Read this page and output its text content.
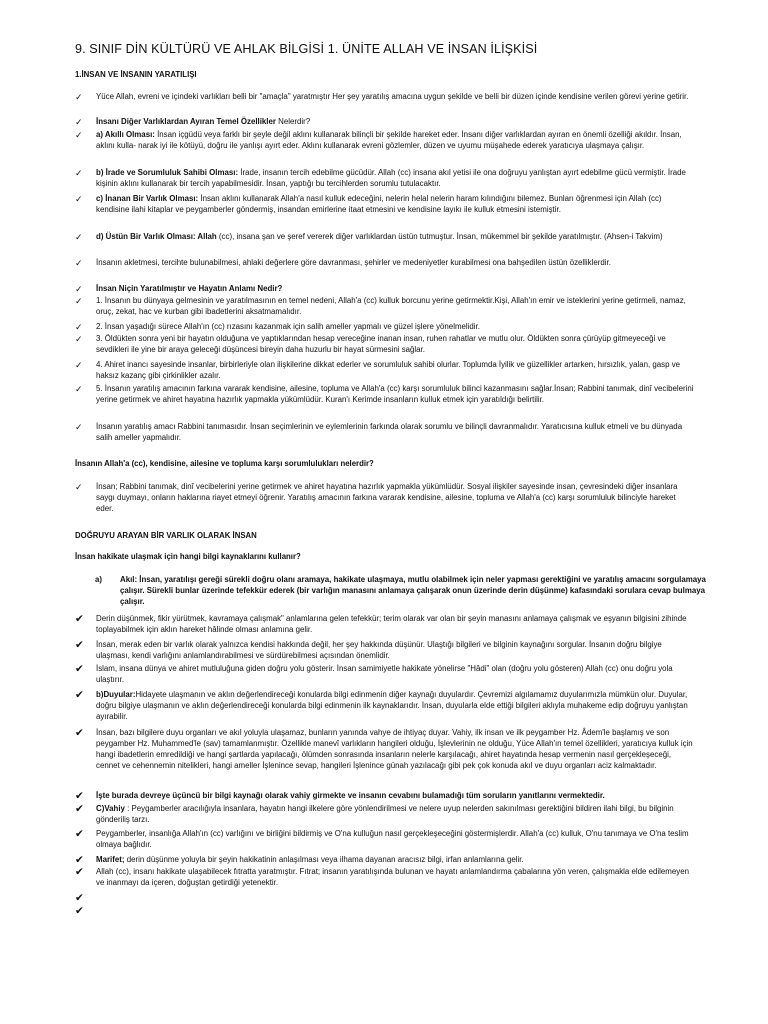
9. SINIF DİN KÜLTÜRÜ VE AHLAK BİLGİSİ 1. ÜNİTE ALLAH VE İNSAN İLİŞKİSİ
1.İNSAN VE İNSANIN YARATILIŞI
✓ Yüce Allah, evreni ve içindeki varlıkları belli bir "amaçla" yaratmıştır Her şey yaratılış amacına uygun şekilde ve belli bir düzen içinde kendisine verilen görevi yerine getirir.
✓ İnsanı Diğer Varlıklardan Ayıran Temel Özellikler Nelerdir?
✓ a) Akıllı Olması: İnsan içgüdü veya farklı bir şeyle değil aklını kullanarak bilinçli bir şekilde hareket eder. İnsanı diğer varlıklardan ayıran en önemli özelliği akıldır. İnsan, aklını kulla- narak iyi ile kötüyü, doğru ile yanlışı ayırt eder. Aklını kullanarak evreni gözlemler, düzen ve uyumu müşahede ederek yaratıcıya ulaşmaya çalışır.
✓ b) İrade ve Sorumluluk Sahibi Olması: İrade, insanın tercih edebilme gücüdür. Allah (cc) insana akıl yetisi ile ona doğruyu yanlıştan ayırt edebilme gücü vermiştir. İrade kişinin aklını kullanarak bir tercih yapabilmesidir. İnsan, yaptığı bu tercihlerden sorumlu tutulacaktır.
✓ c) İnanan Bir Varlık Olması: İnsan aklını kullanarak Allah'a nasıl kulluk edeceğini, nelerin helal nelerin haram kılındığını bilemez. Bunları öğrenmesi için Allah (cc) kendisine ilahi kitaplar ve peygamberler göndermiş, insandan emirlerine itaat etmesini ve kendisine layıkı ile kulluk etmesini istemiştir.
✓ d) Üstün Bir Varlık Olması: Allah (cc), insana şan ve şeref vererek diğer varlıklardan üstün tutmuştur. İnsan, mükemmel bir şekilde yaratılmıştır. (Ahsen-i Takvim)
✓ İnsanın akletmesi, tercihte bulunabilmesi, ahlaki değerlere göre davranması, şehirler ve medeniyetler kurabilmesi ona bahşedilen üstün özelliklerdir.
✓ İnsan Niçin Yaratılmıştır ve Hayatın Anlamı Nedir?
✓ 1. İnsanın bu dünyaya gelmesinin ve yaratılmasının en temel nedeni, Allah'a (cc) kulluk borcunu yerine getirmektir.Kişi, Allah'ın emir ve isteklerini yerine getirmeli, namaz, oruç, zekat, hac ve kurban gibi ibadetlerini aksatmamalıdır.
✓ 2. İnsan yaşadığı sürece Allah'ın (cc) rızasını kazanmak için salih ameller yapmalı ve güzel işlere yönelmelidir.
✓ 3. Öldükten sonra yeni bir hayatın olduğuna ve yaptıklarından hesap vereceğine inanan insan, ruhen rahatlar ve mutlu olur. Öldükten sonra çürüyüp gitmeyeceği ve sevdikleri ile yine bir araya geleceği düşüncesi bireyin daha huzurlu bir hayat sürmesini sağlar.
✓ 4. Ahiret inancı sayesinde insanlar, birbirleriyle olan ilişkilerine dikkat ederler ve sorumluluk sahibi olurlar. Toplumda İyilik ve güzellikler artarken, hırsızlık, yalan, gasp ve haksız kazanç gibi çirkinlikler azalır.
✓ 5. İnsanın yaratılış amacının farkına vararak kendisine, ailesine, topluma ve Allah'a (cc) karşı sorumluluk bilinci kazanmasını sağlar.İnsan; Rabbini tanımak, dinî vecibelerini yerine getirmek ve ahiret hayatına hazırlık yapmakla yükümlüdür. Kuran'ı Kerimde insanların kulluk etmek için yaratıldığı belirtilir.
✓ İnsanın yaratılış amacı Rabbini tanımasıdır. İnsan seçimlerinin ve eylemlerinin farkında olarak sorumlu ve bilinçli davranmalıdır. Yaratıcısına kulluk etmeli ve bu dünyada salih ameller yapmalıdır.
İnsanın Allah'a (cc), kendisine, ailesine ve topluma karşı sorumlulukları nelerdir?
✓ İnsan; Rabbini tanımak, dinî vecibelerini yerine getirmek ve ahiret hayatına hazırlık yapmakla yükümlüdür. Sosyal ilişkiler sayesinde insan, çevresindeki diğer insanlara saygı duymayı, onların haklarına riayet etmeyi öğrenir. Yaratılış amacının farkına vararak kendisine, ailesine, topluma ve Allah'a (cc) karşı sorumluluk bilinciyle hareket eder.
DOĞRUYU ARAYAN BİR VARLIK OLARAK İNSAN
İnsan hakikate ulaşmak için hangi bilgi kaynaklarını kullanır?
a) Akıl: İnsan, yaratılışı gereği sürekli doğru olanı aramaya, hakikate ulaşmaya, mutlu olabilmek için neler yapması gerektiğini ve yaratılış amacını sorgulamaya çalışır. Sürekli bunlar üzerinde tefekkür ederek (bir varlığın manasını anlamaya çalışarak onun üzerinde derin düşünme) kafasındaki sorulara cevap bulmaya çalışır.
✔ Derin düşünmek, fikir yürütmek, kavramaya çalışmak" anlamlarına gelen tefekkür; terim olarak var olan bir şeyin manasını anlamaya çalışmak ve eşyanın bilgisini zihinde toplayabilmek için aklın hareket hâlinde olması anlamına gelir.
✔ İnsan, merak eden bir varlık olarak yalnızca kendisi hakkında değil, her şey hakkında düşünür. Ulaştığı bilgileri ve bilginin kaynağını sorgular. İnsanın doğru bilgiye ulaşması, kendi varlığını anlamlandırabilmesi ve sürdürebilmesi açısından önemlidir.
✔ İslam, insana dünya ve ahiret mutluluğuna giden doğru yolu gösterir. İnsan samimiyetle hakikate yönelirse "Hâdi" olan (doğru yolu gösteren) Allah (cc) onu doğru yola ulaştırır.
✔ b)Duyular:Hidayete ulaşmanın ve aklın değerlendireceği konulardа bilgi edinmenin diğer kaynağı duyulardır. Çevremizi algılamamız duyularımızla mümkün olur. Duyular, doğru bilgiye ulaşmanın ve aklın değerlendireceği konularda bilgi edinmenin ilk kaynaklarıdır. İnsan, duyularla elde ettiği bilgileri aklıyla muhakeme edip doğruyu yanlıştan ayırabilir.
✔ İnsan, bazı bilgilere duyu organları ve akıl yoluyla ulaşamaz, bunların yanında vahye de ihtiyaç duyar. Vahiy, ilk insan ve ilk peygamber Hz. Âdem'le başlamış ve son peygamber Hz. Muhammed'le (sav) tamamlanmıştır. Özellikle manevî varlıkların hangileri olduğu, İşlevlerinin ne olduğu, Yüce Allah'ın temel özellikleri, yaratıcıya kulluk için hangi ibadetlerin emredildiği ve hangi şartlarda yapılacağı, ölümden sonrasında insanların nelerle karşılacağı, ahiret hayatında hesap vermenin nasıl gerçekleşeceği, cennet ve cehennemin nitelikleri, hangi ameller İşlenince sevap, hangileri İşlenince günah yazılacağı gibi pek çok konuda akıl ve duyu organları aciz kalmaktadır.
✔ İşte burada devreye üçüncü bir bilgi kaynağı olarak vahiy girmekte ve insanın cevabını bulamadığı tüm soruların yanıtlarını vermektedir.
✔ C)Vahiy : Peygamberler aracılığıyla insanlara, hayatın hangi ilkelere göre yönlendirilmesi ve nelere uyup nelerden sakınılması gerektiğini bildiren ilahi bilgi, bu bilginin gönderiliş tarzı.
✔ Peygamberler, insanlığa Allah'ın (cc) varlığını ve birliğini bildirmiş ve O'na kulluğun nasıl gerçekleşeceğini göstermişlerdir. Allah'a (cc) kulluk, O'nu tanımaya ve O'na teslim olmaya bağlıdır.
✔ Marifet; derin düşünme yoluyla bir şeyin hakikatinin anlaşılması veya ilhama dayanan aracısız bilgi, irfan anlamlarına gelir.
✔ Allah (cc), insanı hakikate ulaşabilecek fıtratta yaratmıştır. Fıtrat; insanın yaratılışında bulunan ve hayatı anlamlandırma çabalarına yön veren, çalışmakla elde edilemeyen ve inanmayı da içeren, doğuştan getirdiği yetenektir.
✔
✔
